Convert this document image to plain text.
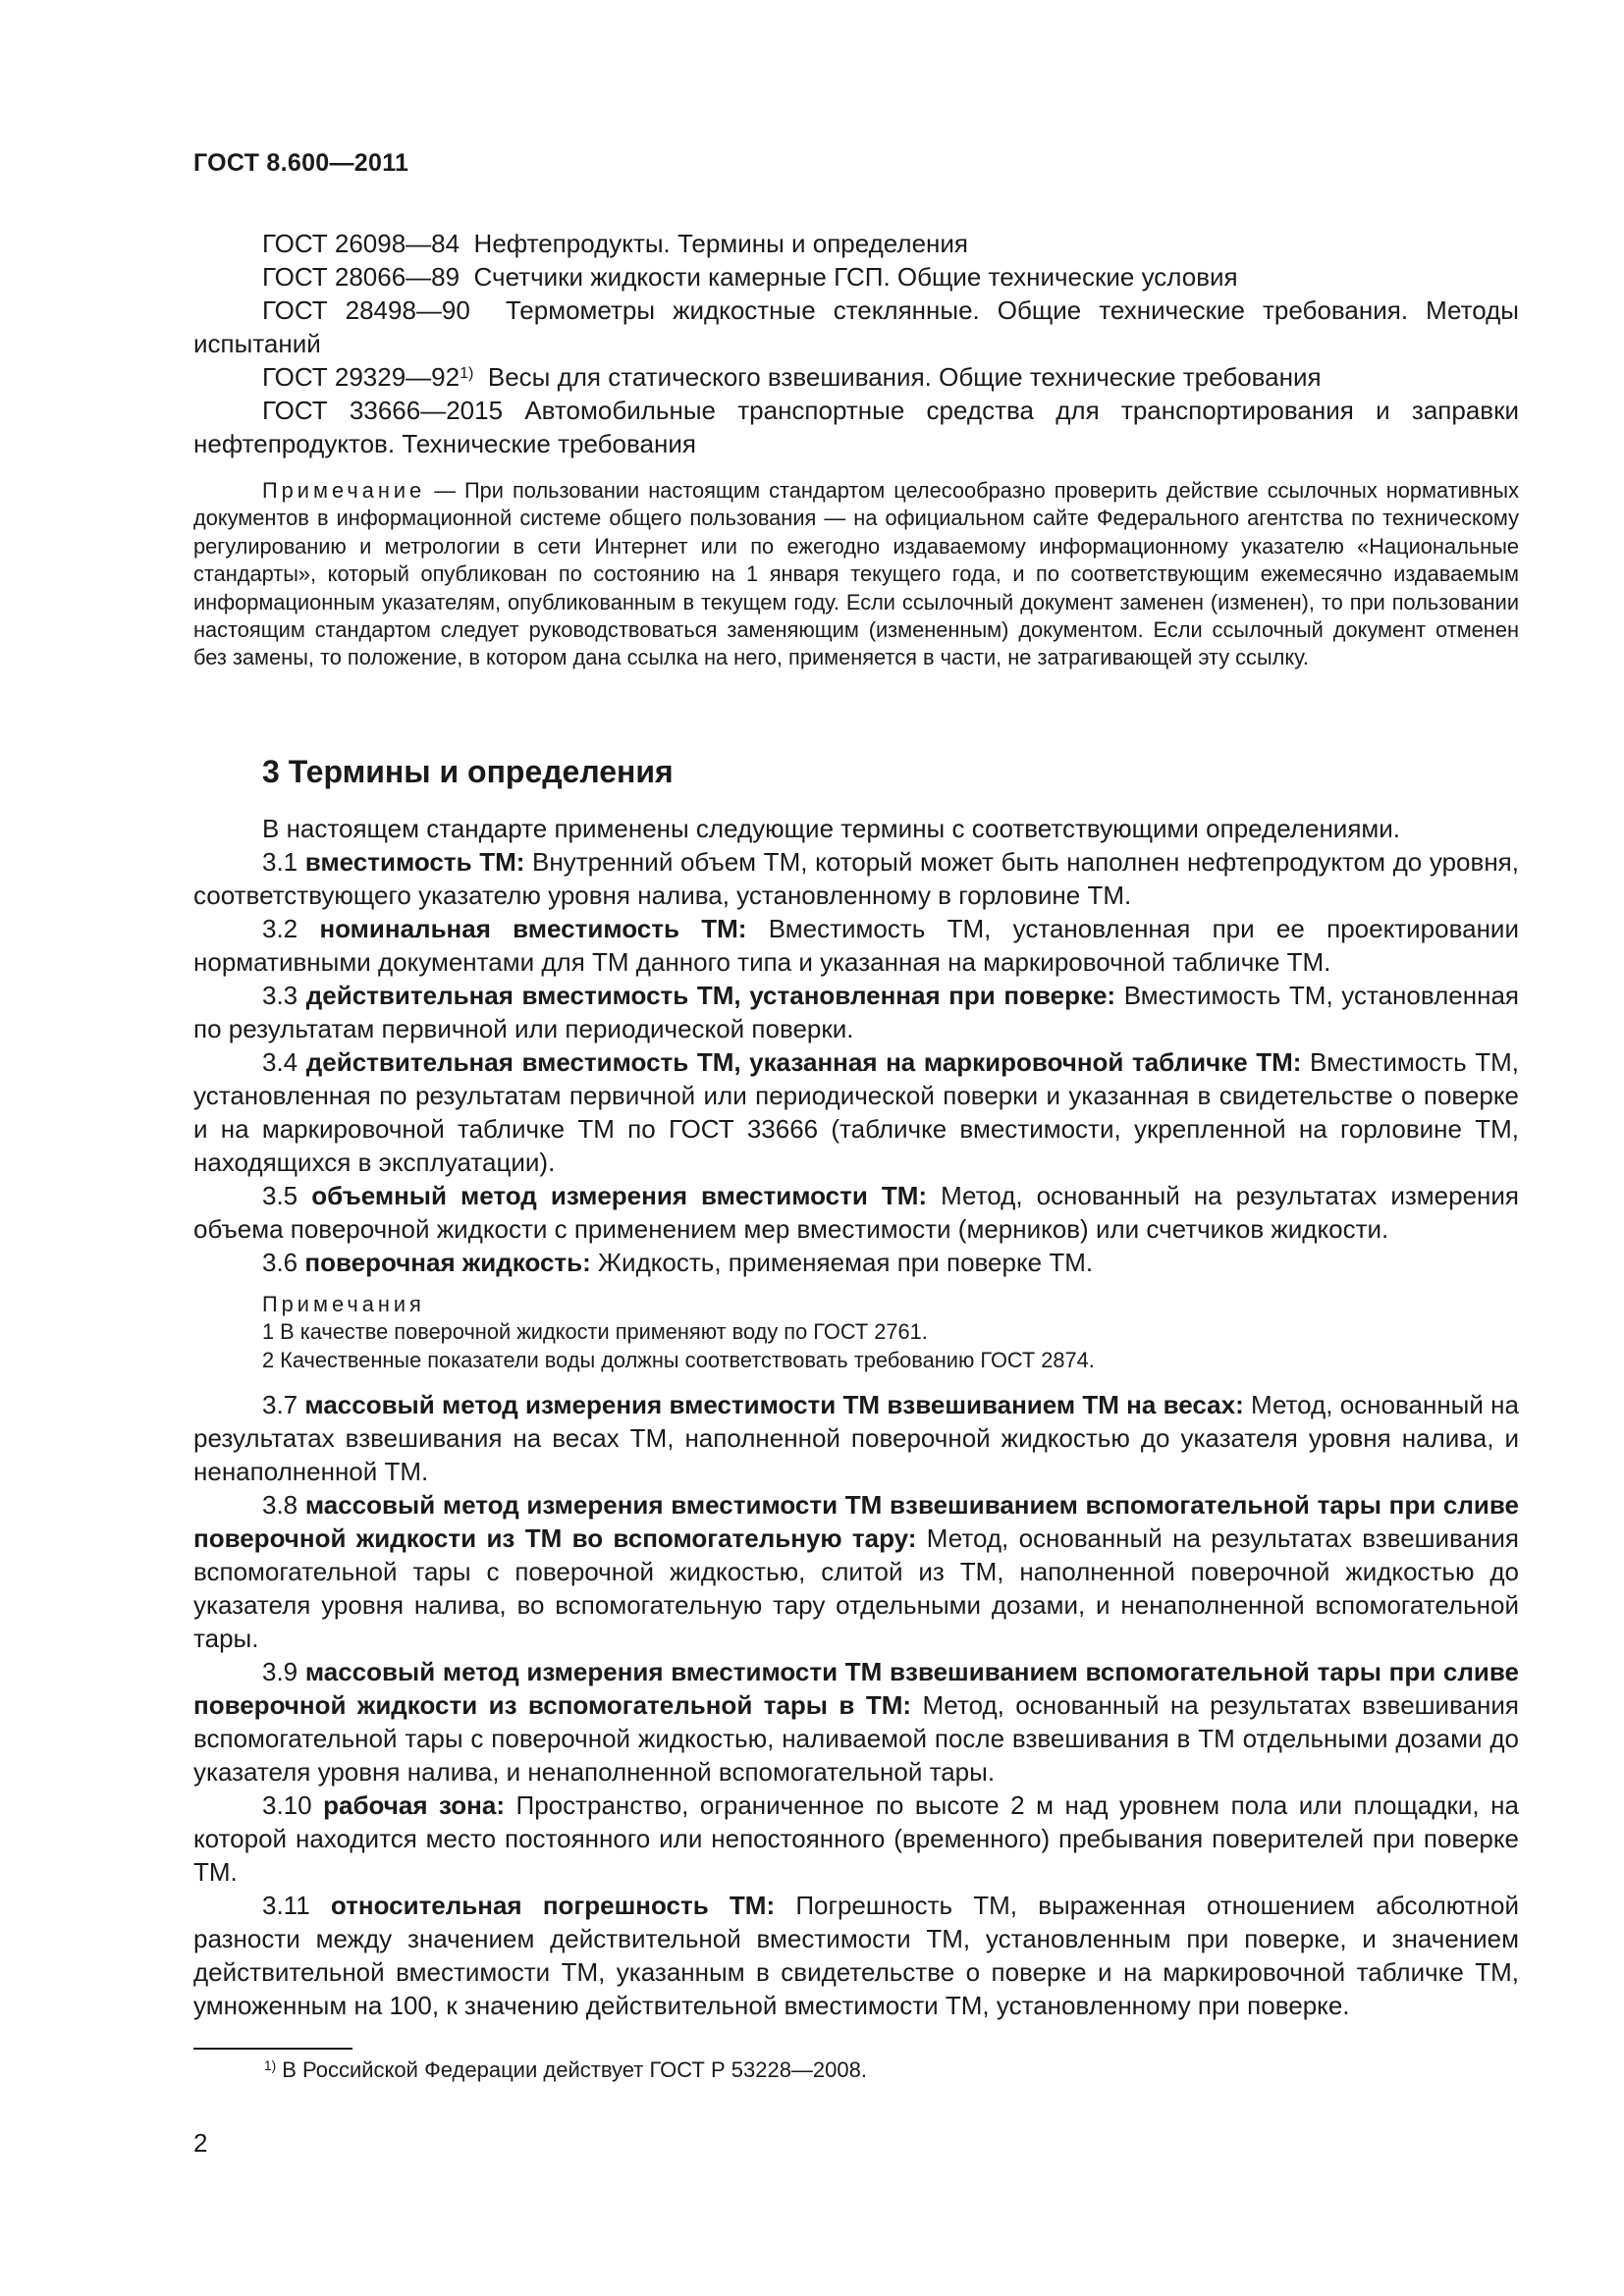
ГОСТ 8.600—2011

ГОСТ 26098—84 Нефтепродукты. Термины и определения

ГОСТ 28066—89 Счетчики жидкости камерные ГСП. Общие технические условия

ГОСТ 28498—90 Термометры жидкостные стеклянные. Общие технические требования. Методы испытаний

ГОСТ 29329—92$^{1)}$ Весы для статического взвешивания. Общие технические требования

ГОСТ 33666—2015 Автомобильные транспортные средства для транспортирования и заправки нефтепродуктов. Технические требования

Примечание — При пользовании настоящим стандартом целесообразно проверить действие ссылочных нормативных документов в информационной системе общего пользования — на официальном сайте Федерального агентства по техническому регулированию и метрологии в сети Интернет или по ежегодно издаваемому информационному указателю «Национальные стандарты», который опубликован по состоянию на 1 января текущего года, и по соответствующим ежемесячно издаваемым информационным указателям, опубликованным в текущем году. Если ссылочный документ заменен (изменен), то при пользовании настоящим стандартом следует руководствоваться заменяющим (измененным) документом. Если ссылочный документ отменен без замены, то положение, в котором дана ссылка на него, применяется в части, не затрагивающей эту ссылку.

3 Термины и определения

В настоящем стандарте применены следующие термины с соответствующими определениями.

3.1 вместимость ТМ: Внутренний объем ТМ, который может быть наполнен нефтепродуктом до уровня, соответствующего указателю уровня налива, установленному в горловине ТМ.

3.2 номинальная вместимость ТМ: Вместимость ТМ, установленная при ее проектировании нормативными документами для ТМ данного типа и указанная на маркировочной табличке ТМ.

3.3 действительная вместимость ТМ, установленная при поверке: Вместимость ТМ, установленная по результатам первичной или периодической поверки.

3.4 действительная вместимость ТМ, указанная на маркировочной табличке ТМ: Вместимость ТМ, установленная по результатам первичной или периодической поверки и указанная в свидетельстве о поверке и на маркировочной табличке ТМ по ГОСТ 33666 (табличке вместимости, укрепленной на горловине ТМ, находящихся в эксплуатации).

3.5 объемный метод измерения вместимости ТМ: Метод, основанный на результатах измерения объема поверочной жидкости с применением мер вместимости (мерников) или счетчиков жидкости.

3.6 поверочная жидкость: Жидкость, применяемая при поверке ТМ.

Примечания
1 В качестве поверочной жидкости применяют воду по ГОСТ 2761.
2 Качественные показатели воды должны соответствовать требованию ГОСТ 2874.

3.7 массовый метод измерения вместимости ТМ взвешиванием ТМ на весах: Метод, основанный на результатах взвешивания на весах ТМ, наполненной поверочной жидкостью до указателя уровня налива, и ненаполненной ТМ.

3.8 массовый метод измерения вместимости ТМ взвешиванием вспомогательной тары при сливе поверочной жидкости из ТМ во вспомогательную тару: Метод, основанный на результатах взвешивания вспомогательной тары с поверочной жидкостью, слитой из ТМ, наполненной поверочной жидкостью до указателя уровня налива, во вспомогательную тару отдельными дозами, и ненаполненной вспомогательной тары.

3.9 массовый метод измерения вместимости ТМ взвешиванием вспомогательной тары при сливе поверочной жидкости из вспомогательной тары в ТМ: Метод, основанный на результатах взвешивания вспомогательной тары с поверочной жидкостью, наливаемой после взвешивания в ТМ отдельными дозами до указателя уровня налива, и ненаполненной вспомогательной тары.

3.10 рабочая зона: Пространство, ограниченное по высоте 2 м над уровнем пола или площадки, на которой находится место постоянного или непостоянного (временного) пребывания поверителей при поверке ТМ.

3.11 относительная погрешность ТМ: Погрешность ТМ, выраженная отношением абсолютной разности между значением действительной вместимости ТМ, установленным при поверке, и значением действительной вместимости ТМ, указанным в свидетельстве о поверке и на маркировочной табличке ТМ, умноженным на 100, к значению действительной вместимости ТМ, установленному при поверке.

$^{1)}$ В Российской Федерации действует ГОСТ Р 53228—2008.
2
